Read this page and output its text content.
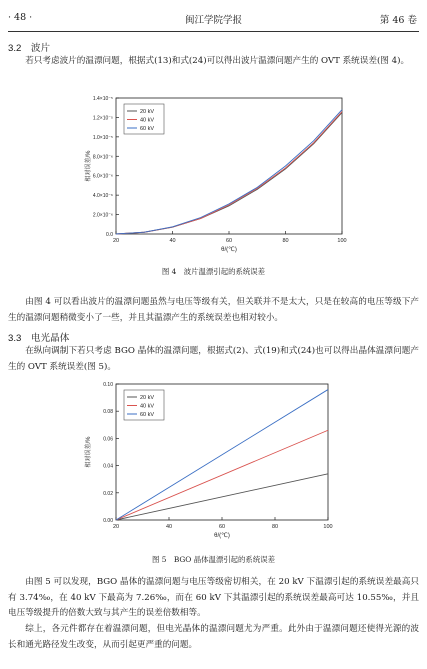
· 48 ·	闽江学院学报	第 46 卷
3.2　波片
若只考虑波片的温漂问题，根据式(13)和式(24)可以得出波片温漂问题产生的 OVT 系统误差(图 4)。
20	40	60	80	100
0.0
2.0×10⁻⁶
4.0×10⁻⁶
6.0×10⁻⁶
8.0×10⁻⁶
1.0×10⁻⁵
1.2×10⁻⁵
1.4×10⁻⁵
θ/(℃)
相对误差/%
20 kV
40 kV
60 kV
图 4　波片温漂引起的系统误差
由图 4 可以看出波片的温漂问题虽然与电压等级有关，但关联并不是太大，只是在较高的电压等级下产生的温漂问题稍微变小了一些，并且其温漂产生的系统误差也相对较小。
3.3　电光晶体
在纵向调制下若只考虑 BGO 晶体的温漂问题，根据式(2)、式(19)和式(24)也可以得出晶体温漂问题产生的 OVT 系统误差(图 5)。
20	40	60	80	100
0.00
0.02
0.04
0.06
0.08
0.10
θ/(℃)
相对误差/%
20 kV
40 kV
60 kV
图 5　BGO 晶体温漂引起的系统误差
由图 5 可以发现，BGO 晶体的温漂问题与电压等级密切相关，在 20 kV 下温漂引起的系统误差最高只有 3.74‰，在 40 kV 下最高为 7.26‰，而在 60 kV 下其温漂引起的系统误差最高可达 10.55‰，并且电压等级提升的倍数大致与其产生的误差倍数相等。
综上，各元件都存在着温漂问题，但电光晶体的温漂问题尤为严重。此外由于温漂问题还使得光源的波长和通光路径发生改变，从而引起更严重的问题。
